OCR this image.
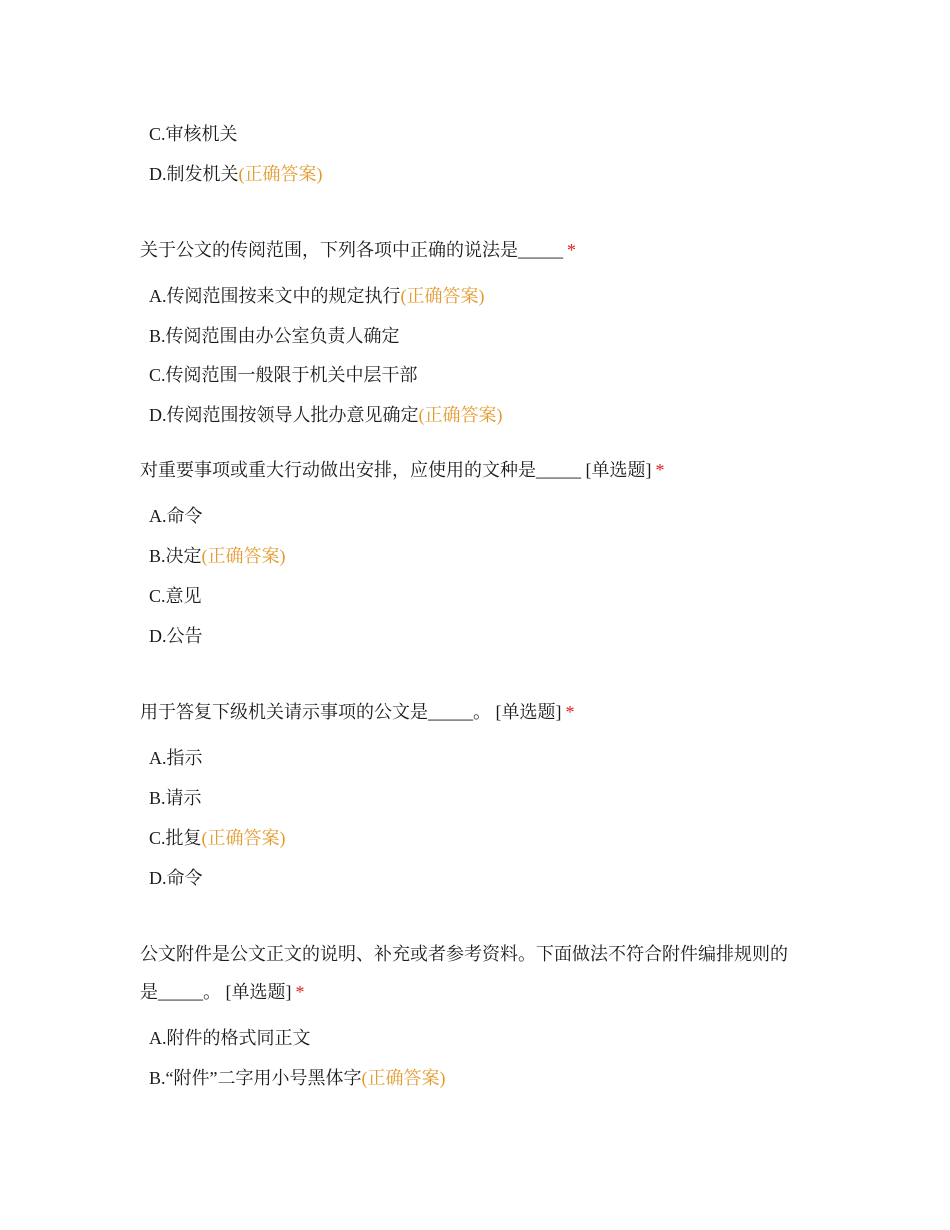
C.审核机关
D.制发机关(正确答案)
关于公文的传阅范围，下列各项中正确的说法是_____ *
A.传阅范围按来文中的规定执行(正确答案)
B.传阅范围由办公室负责人确定
C.传阅范围一般限于机关中层干部
D.传阅范围按领导人批办意见确定(正确答案)
对重要事项或重大行动做出安排，应使用的文种是_____ [单选题] *
A.命令
B.决定(正确答案)
C.意见
D.公告
用于答复下级机关请示事项的公文是_____。 [单选题] *
A.指示
B.请示
C.批复(正确答案)
D.命令
公文附件是公文正文的说明、补充或者参考资料。下面做法不符合附件编排规则的
是_____。 [单选题] *
A.附件的格式同正文
B.“附件”二字用小号黑体字(正确答案)
